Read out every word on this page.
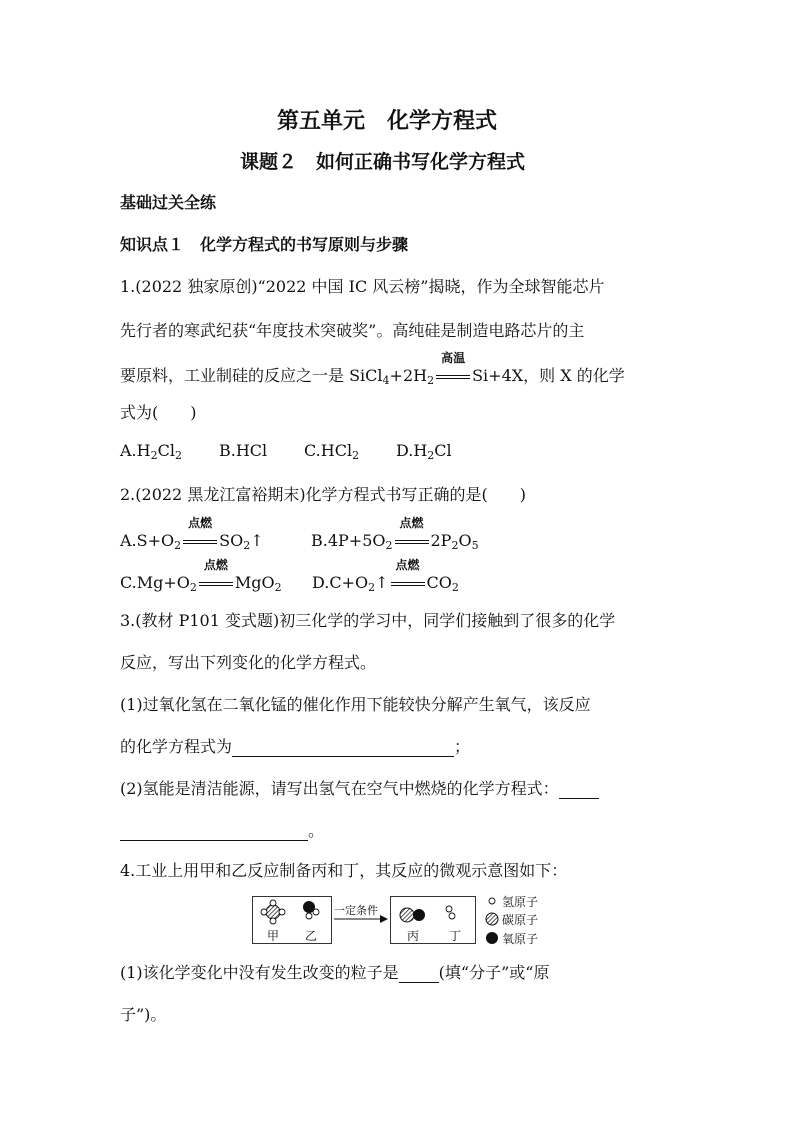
第五单元　化学方程式
课题２　如何正确书写化学方程式
基础过关全练
知识点１　化学方程式的书写原则与步骤
1.(2022 独家原创)“2022 中国 IC 风云榜”揭晓，作为全球智能芯片
先行者的寒武纪获“年度技术突破奖”。高纯硅是制造电路芯片的主
要原料，工业制硅的反应之一是 $SiCl_4+2H_2$
高温
Si+4X，则 X 的化学
式为(　　)
$A.H_2Cl_2$ B.HCl C.HCl$_2$ $D.H_2Cl$
2.(2022 黑龙江富裕期末)化学方程式书写正确的是(　　)
$A.S+O_2$
点燃
$SO_2↑$	$B.4P+5O_2$
点燃
$2P_2O_5$
$C.Mg+O_2$
点燃
MgO$_2$ $D.C+O_2↑$
点燃
$CO_2$
3.(教材 P101 变式题)初三化学的学习中，同学们接触到了很多的化学
反应，写出下列变化的化学方程式。
(1)过氧化氢在二氧化锰的催化作用下能较快分解产生氧气，该反应
的化学方程式为	；
(2)氢能是清洁能源，请写出氢气在空气中燃烧的化学方程式：
。
4.工业上用甲和乙反应制备丙和丁，其反应的微观示意图如下：
甲 乙
一定条件
丙 丁
氢原子
碳原子
氧原子
(1)该化学变化中没有发生改变的粒子是	(填“分子”或“原
子”)。
